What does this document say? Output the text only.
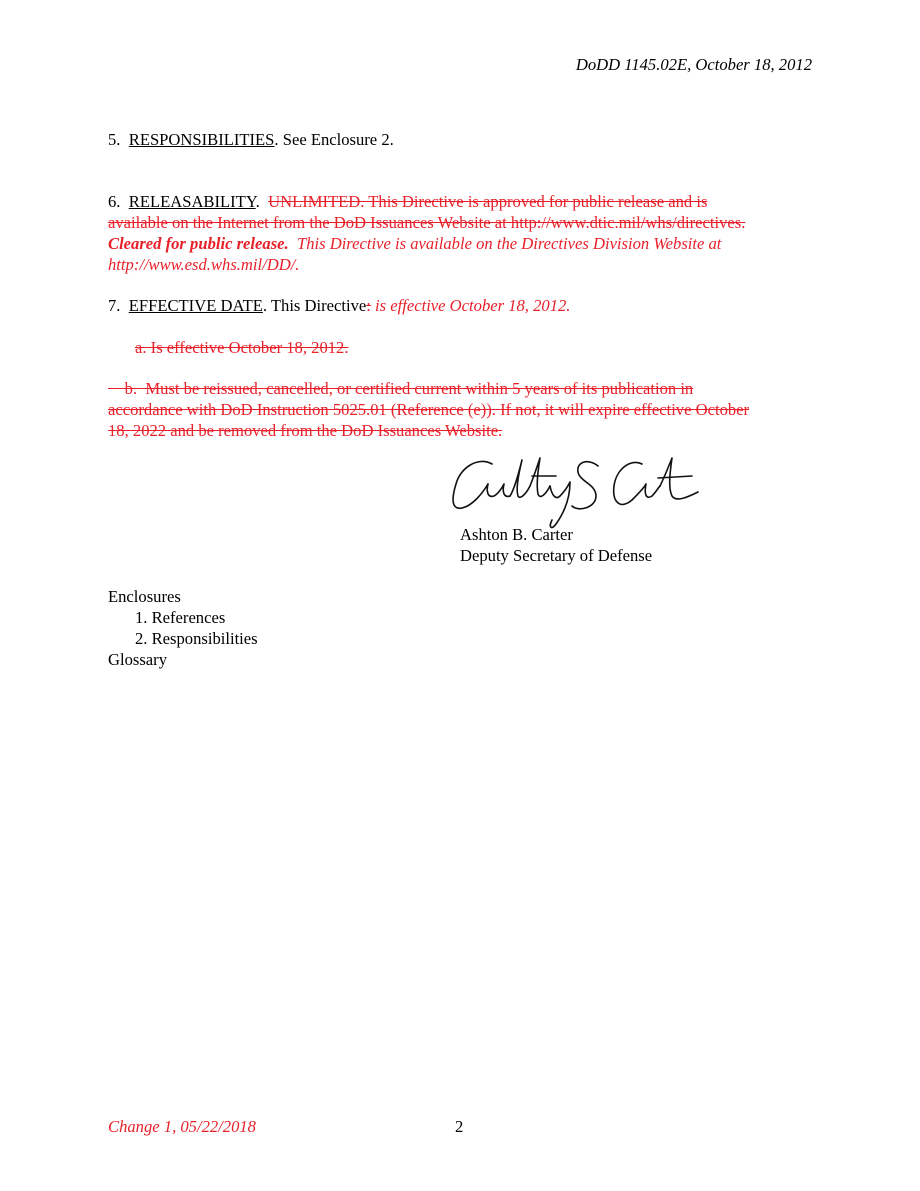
DoDD 1145.02E, October 18, 2012
5. RESPONSIBILITIES. See Enclosure 2.
6. RELEASABILITY.  UNLIMITED. This Directive is approved for public release and is
available on the Internet from the DoD Issuances Website at http://www.dtic.mil/whs/directives.
Cleared for public release.  This Directive is available on the Directives Division Website at
http://www.esd.whs.mil/DD/.
7. EFFECTIVE DATE. This Directive: is effective October 18, 2012.
a. Is effective October 18, 2012.
b.  Must be reissued, cancelled, or certified current within 5 years of its publication in
accordance with DoD Instruction 5025.01 (Reference (e)). If not, it will expire effective October
18, 2022 and be removed from the DoD Issuances Website.
Ashton B. Carter
Deputy Secretary of Defense
Enclosures
1. References
2. Responsibilities
Glossary
Change 1, 05/22/2018	2
